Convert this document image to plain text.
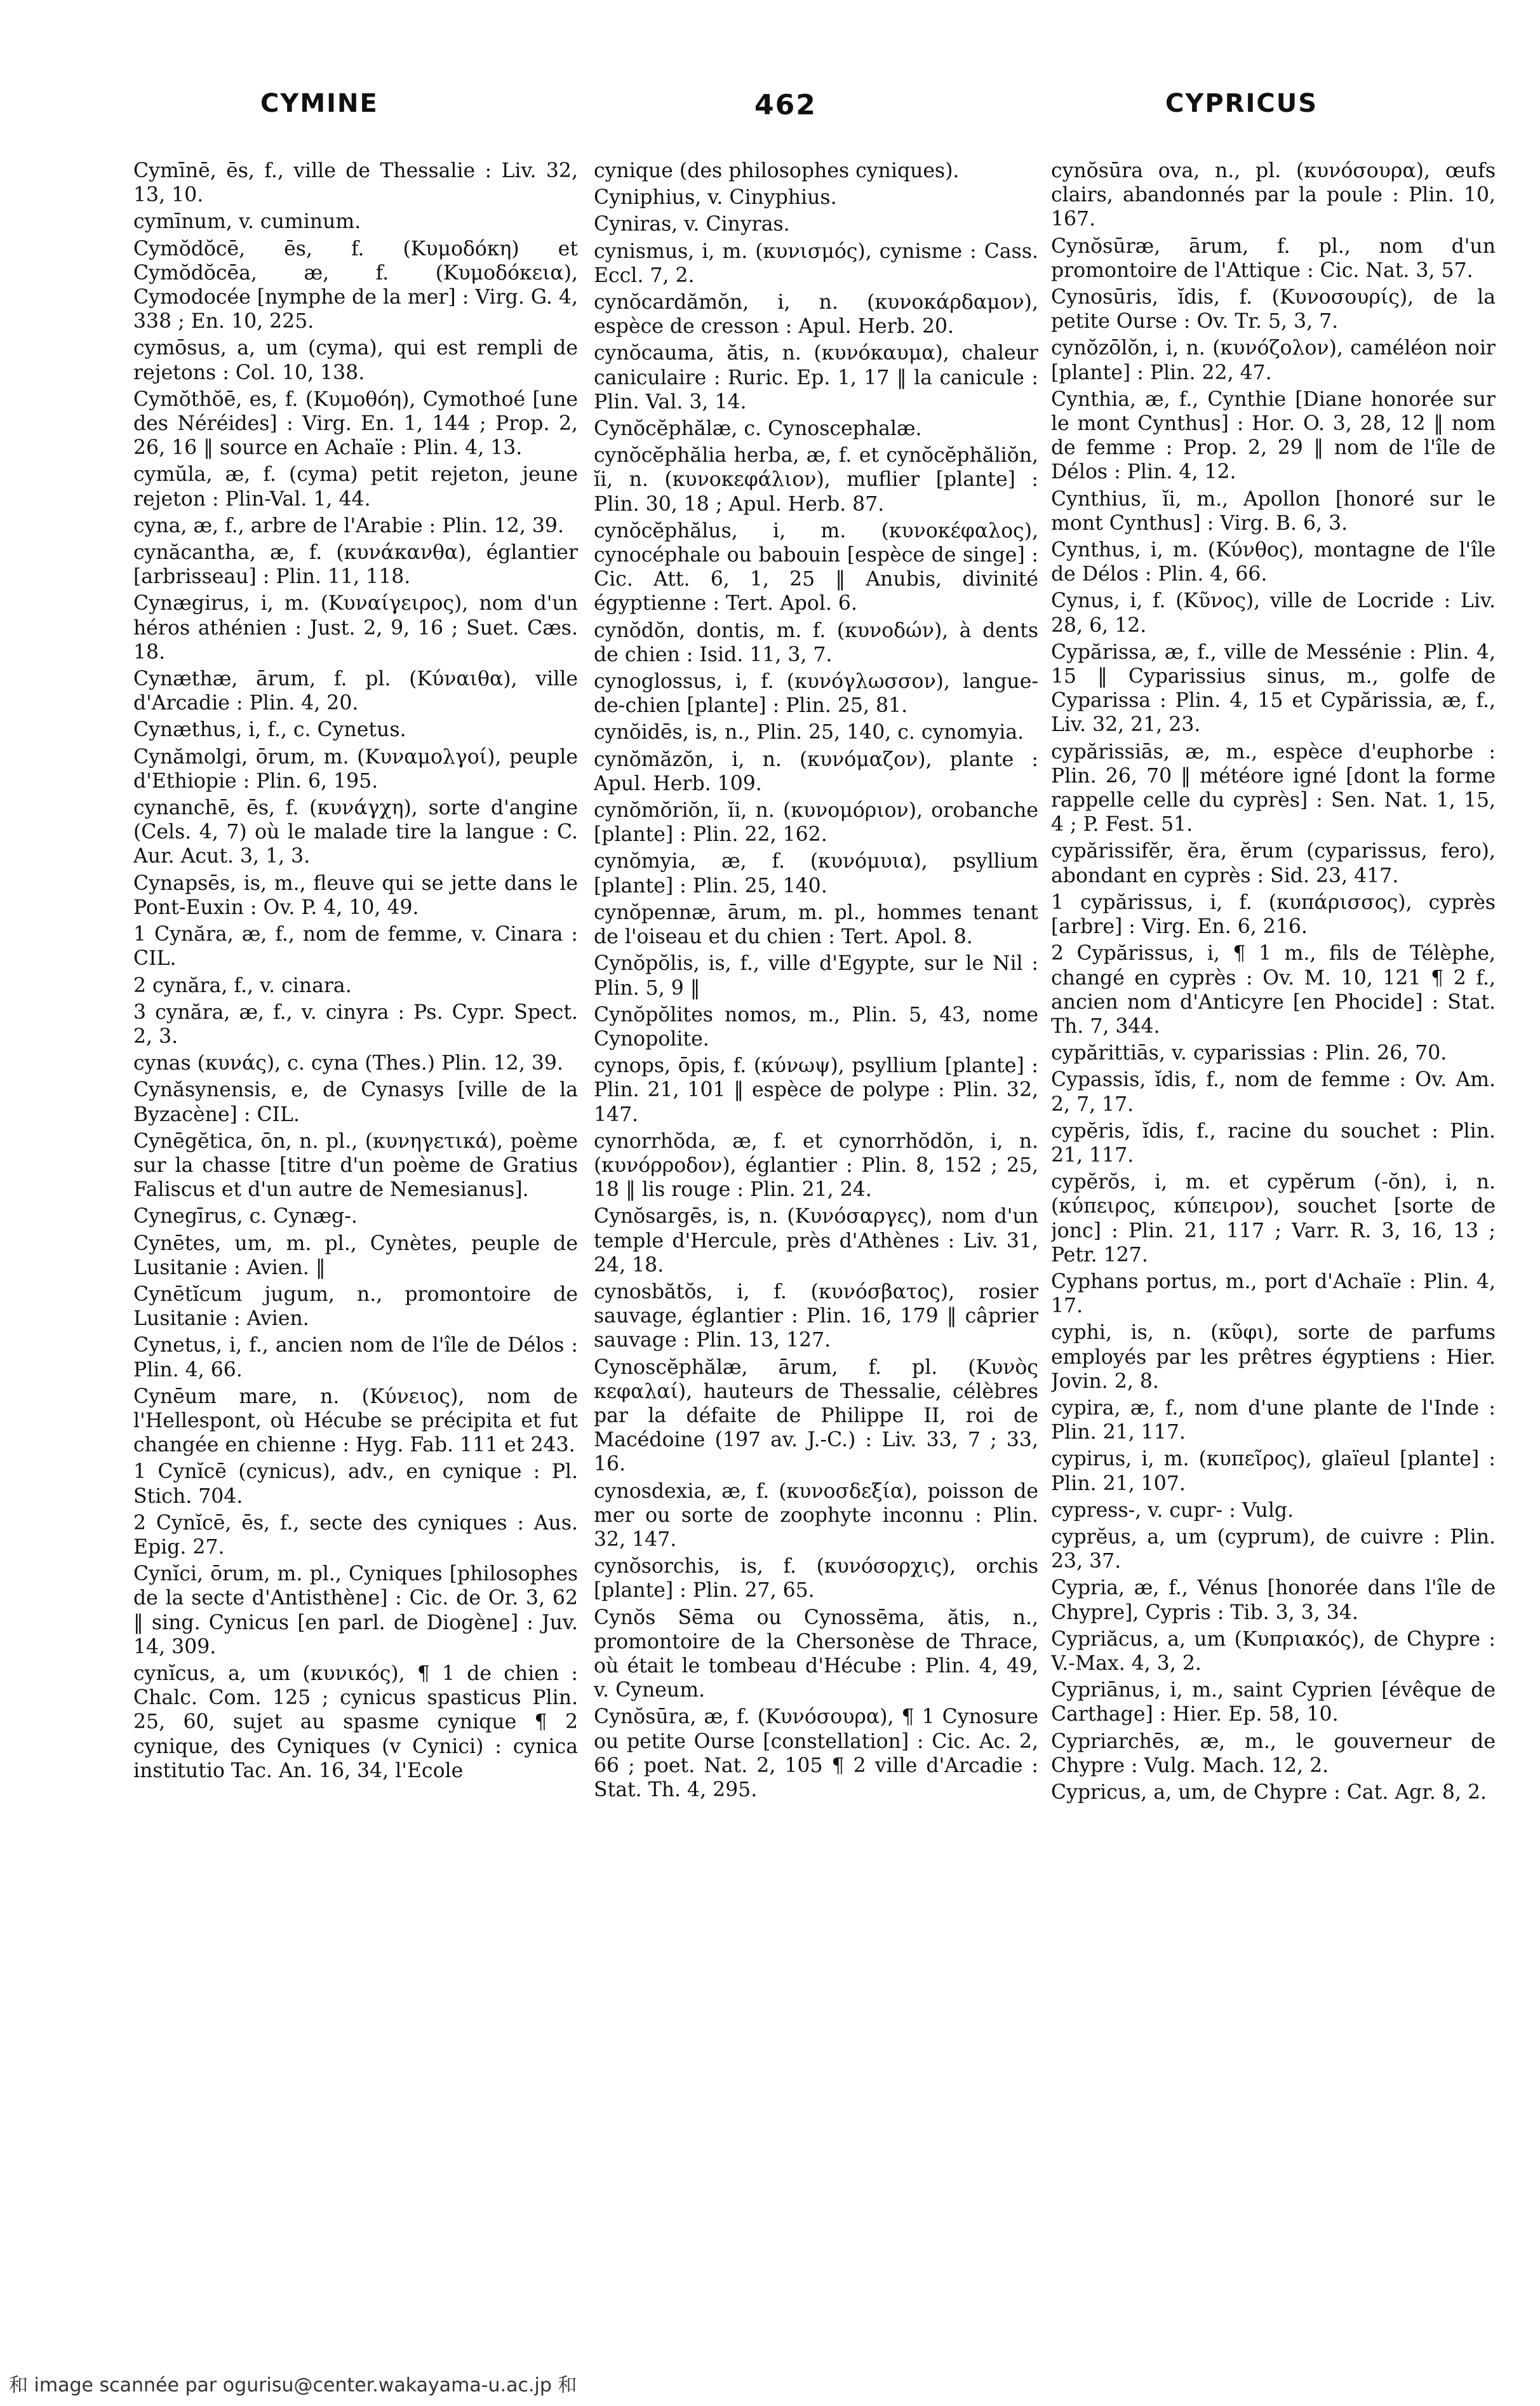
CYMINE	462	CYPRICUS
Cymīnē, ēs, f., ville de Thessalie : Liv. 32, 13, 10.
cymīnum, v. cuminum.
Cymŏdŏcē, ēs, f. (Κυμοδόκη) et Cymŏdŏcēa, æ, f. (Κυμοδόκεια), Cymodocée [nymphe de la mer] : Virg. G. 4, 338 ; En. 10, 225.
cymōsus, a, um (cyma), qui est rempli de rejetons : Col. 10, 138.
Cymŏthŏē, es, f. (Κυμοθόη), Cymothoé [une des Néréides] : Virg. En. 1, 144 ; Prop. 2, 26, 16 ‖ source en Achaïe : Plin. 4, 13.
cymŭla, æ, f. (cyma) petit rejeton, jeune rejeton : Plin-Val. 1, 44.
cyna, æ, f., arbre de l'Arabie : Plin. 12, 39.
cynăcantha, æ, f. (κυνάκανθα), églantier [arbrisseau] : Plin. 11, 118.
Cynægirus, i, m. (Κυναίγειρος), nom d'un héros athénien : Just. 2, 9, 16 ; Suet. Cæs. 18.
Cynæthæ, ārum, f. pl. (Κύναιθα), ville d'Arcadie : Plin. 4, 20.
Cynæthus, i, f., c. Cynetus.
Cynămolgi, ōrum, m. (Κυναμολγοί), peuple d'Ethiopie : Plin. 6, 195.
cynanchē, ēs, f. (κυνάγχη), sorte d'angine (Cels. 4, 7) où le malade tire la langue : C. Aur. Acut. 3, 1, 3.
Cynapsēs, is, m., fleuve qui se jette dans le Pont-Euxin : Ov. P. 4, 10, 49.
1 Cynăra, æ, f., nom de femme, v. Cinara : CIL.
2 cynăra, f., v. cinara.
3 cynăra, æ, f., v. cinyra : Ps. Cypr. Spect. 2, 3.
cynas (κυνάς), c. cyna (Thes.) Plin. 12, 39.
Cynăsynensis, e, de Cynasys [ville de la Byzacène] : CIL.
Cynēgĕtica, ōn, n. pl., (κυνηγετικά), poème sur la chasse [titre d'un poème de Gratius Faliscus et d'un autre de Nemesianus].
Cynegīrus, c. Cynæg-.
Cynētes, um, m. pl., Cynètes, peuple de Lusitanie : Avien. ‖
Cynētĭcum jugum, n., promontoire de Lusitanie : Avien.
Cynetus, i, f., ancien nom de l'île de Délos : Plin. 4, 66.
Cynēum mare, n. (Κύνειος), nom de l'Hellespont, où Hécube se précipita et fut changée en chienne : Hyg. Fab. 111 et 243.
1 Cynĭcē (cynicus), adv., en cynique : Pl. Stich. 704.
2 Cynĭcē, ēs, f., secte des cyniques : Aus. Epig. 27.
Cynĭci, ōrum, m. pl., Cyniques [philosophes de la secte d'Antisthène] : Cic. de Or. 3, 62 ‖ sing. Cynicus [en parl. de Diogène] : Juv. 14, 309.
cynĭcus, a, um (κυνικός), ¶ 1 de chien : Chalc. Com. 125 ; cynicus spasticus Plin. 25, 60, sujet au spasme cynique ¶ 2 cynique, des Cyniques (v Cynici) : cynica institutio Tac. An. 16, 34, l'Ecole
cynique (des philosophes cyniques).
Cyniphius, v. Cinyphius.
Cyniras, v. Cinyras.
cynismus, i, m. (κυνισμός), cynisme : Cass. Eccl. 7, 2.
cynŏcardămŏn, i, n. (κυνοκάρδαμον), espèce de cresson : Apul. Herb. 20.
cynŏcauma, ătis, n. (κυνόκαυμα), chaleur caniculaire : Ruric. Ep. 1, 17 ‖ la canicule : Plin. Val. 3, 14.
Cynŏcĕphălæ, c. Cynoscephalæ.
cynŏcĕphălia herba, æ, f. et cynŏcĕphăliŏn, ĭi, n. (κυνοκεφάλιον), muflier [plante] : Plin. 30, 18 ; Apul. Herb. 87.
cynŏcĕphălus, i, m. (κυνοκέφαλος), cynocéphale ou babouin [espèce de singe] : Cic. Att. 6, 1, 25 ‖ Anubis, divinité égyptienne : Tert. Apol. 6.
cynŏdŏn, dontis, m. f. (κυνοδών), à dents de chien : Isid. 11, 3, 7.
cynoglossus, i, f. (κυνόγλωσσον), langue-de-chien [plante] : Plin. 25, 81.
cynŏidēs, is, n., Plin. 25, 140, c. cynomyia.
cynŏmăzŏn, i, n. (κυνόμαζον), plante : Apul. Herb. 109.
cynŏmŏriŏn, ĭi, n. (κυνομόριον), orobanche [plante] : Plin. 22, 162.
cynŏmyia, æ, f. (κυνόμυια), psyllium [plante] : Plin. 25, 140.
cynŏpennæ, ārum, m. pl., hommes tenant de l'oiseau et du chien : Tert. Apol. 8.
Cynŏpŏlis, is, f., ville d'Egypte, sur le Nil : Plin. 5, 9 ‖
Cynŏpŏlites nomos, m., Plin. 5, 43, nome Cynopolite.
cynops, ōpis, f. (κύνωψ), psyllium [plante] : Plin. 21, 101 ‖ espèce de polype : Plin. 32, 147.
cynorrhŏda, æ, f. et cynorrhŏdŏn, i, n. (κυνόρροδον), églantier : Plin. 8, 152 ; 25, 18 ‖ lis rouge : Plin. 21, 24.
Cynŏsargēs, is, n. (Κυνόσαργες), nom d'un temple d'Hercule, près d'Athènes : Liv. 31, 24, 18.
cynosbătŏs, i, f. (κυνόσβατος), rosier sauvage, églantier : Plin. 16, 179 ‖ câprier sauvage : Plin. 13, 127.
Cynoscĕphălæ, ārum, f. pl. (Κυνὸς κεφαλαί), hauteurs de Thessalie, célèbres par la défaite de Philippe II, roi de Macédoine (197 av. J.-C.) : Liv. 33, 7 ; 33, 16.
cynosdexia, æ, f. (κυνοσδεξία), poisson de mer ou sorte de zoophyte inconnu : Plin. 32, 147.
cynŏsorchis, is, f. (κυνόσορχις), orchis [plante] : Plin. 27, 65.
Cynŏs Sēma ou Cynossēma, ătis, n., promontoire de la Chersonèse de Thrace, où était le tombeau d'Hécube : Plin. 4, 49, v. Cyneum.
Cynŏsūra, æ, f. (Κυνόσουρα), ¶ 1 Cynosure ou petite Ourse [constellation] : Cic. Ac. 2, 66 ; poet. Nat. 2, 105 ¶ 2 ville d'Arcadie : Stat. Th. 4, 295.
cynŏsūra ova, n., pl. (κυνόσουρα), œufs clairs, abandonnés par la poule : Plin. 10, 167.
Cynŏsūræ, ārum, f. pl., nom d'un promontoire de l'Attique : Cic. Nat. 3, 57.
Cynosūris, ĭdis, f. (Κυνοσουρίς), de la petite Ourse : Ov. Tr. 5, 3, 7.
cynŏzōlŏn, i, n. (κυνόζολον), caméléon noir [plante] : Plin. 22, 47.
Cynthia, æ, f., Cynthie [Diane honorée sur le mont Cynthus] : Hor. O. 3, 28, 12 ‖ nom de femme : Prop. 2, 29 ‖ nom de l'île de Délos : Plin. 4, 12.
Cynthius, ĭi, m., Apollon [honoré sur le mont Cynthus] : Virg. B. 6, 3.
Cynthus, i, m. (Κύνθος), montagne de l'île de Délos : Plin. 4, 66.
Cynus, i, f. (Κῦνος), ville de Locride : Liv. 28, 6, 12.
Cypărissa, æ, f., ville de Messénie : Plin. 4, 15 ‖ Cyparissius sinus, m., golfe de Cyparissa : Plin. 4, 15 et Cypărissia, æ, f., Liv. 32, 21, 23.
cypărissiās, æ, m., espèce d'euphorbe : Plin. 26, 70 ‖ météore igné [dont la forme rappelle celle du cyprès] : Sen. Nat. 1, 15, 4 ; P. Fest. 51.
cypărissifĕr, ĕra, ĕrum (cyparissus, fero), abondant en cyprès : Sid. 23, 417.
1 cypărissus, i, f. (κυπάρισσος), cyprès [arbre] : Virg. En. 6, 216.
2 Cypărissus, i, ¶ 1 m., fils de Télèphe, changé en cyprès : Ov. M. 10, 121 ¶ 2 f., ancien nom d'Anticyre [en Phocide] : Stat. Th. 7, 344.
cypărittiās, v. cyparissias : Plin. 26, 70.
Cypassis, ĭdis, f., nom de femme : Ov. Am. 2, 7, 17.
cypĕris, ĭdis, f., racine du souchet : Plin. 21, 117.
cypĕrŏs, i, m. et cypĕrum (-ŏn), i, n. (κύπειρος, κύπειρον), souchet [sorte de jonc] : Plin. 21, 117 ; Varr. R. 3, 16, 13 ; Petr. 127.
Cyphans portus, m., port d'Achaïe : Plin. 4, 17.
cyphi, is, n. (κῦφι), sorte de parfums employés par les prêtres égyptiens : Hier. Jovin. 2, 8.
cypira, æ, f., nom d'une plante de l'Inde : Plin. 21, 117.
cypirus, i, m. (κυπεῖρος), glaïeul [plante] : Plin. 21, 107.
cypress-, v. cupr- : Vulg.
cyprĕus, a, um (cyprum), de cuivre : Plin. 23, 37.
Cypria, æ, f., Vénus [honorée dans l'île de Chypre], Cypris : Tib. 3, 3, 34.
Cypriăcus, a, um (Κυπριακός), de Chypre : V.-Max. 4, 3, 2.
Cypriānus, i, m., saint Cyprien [évêque de Carthage] : Hier. Ep. 58, 10.
Cypriarchēs, æ, m., le gouverneur de Chypre : Vulg. Mach. 12, 2.
Cypricus, a, um, de Chypre : Cat. Agr. 8, 2.
和 image scannée par ogurisu@center.wakayama-u.ac.jp 和
